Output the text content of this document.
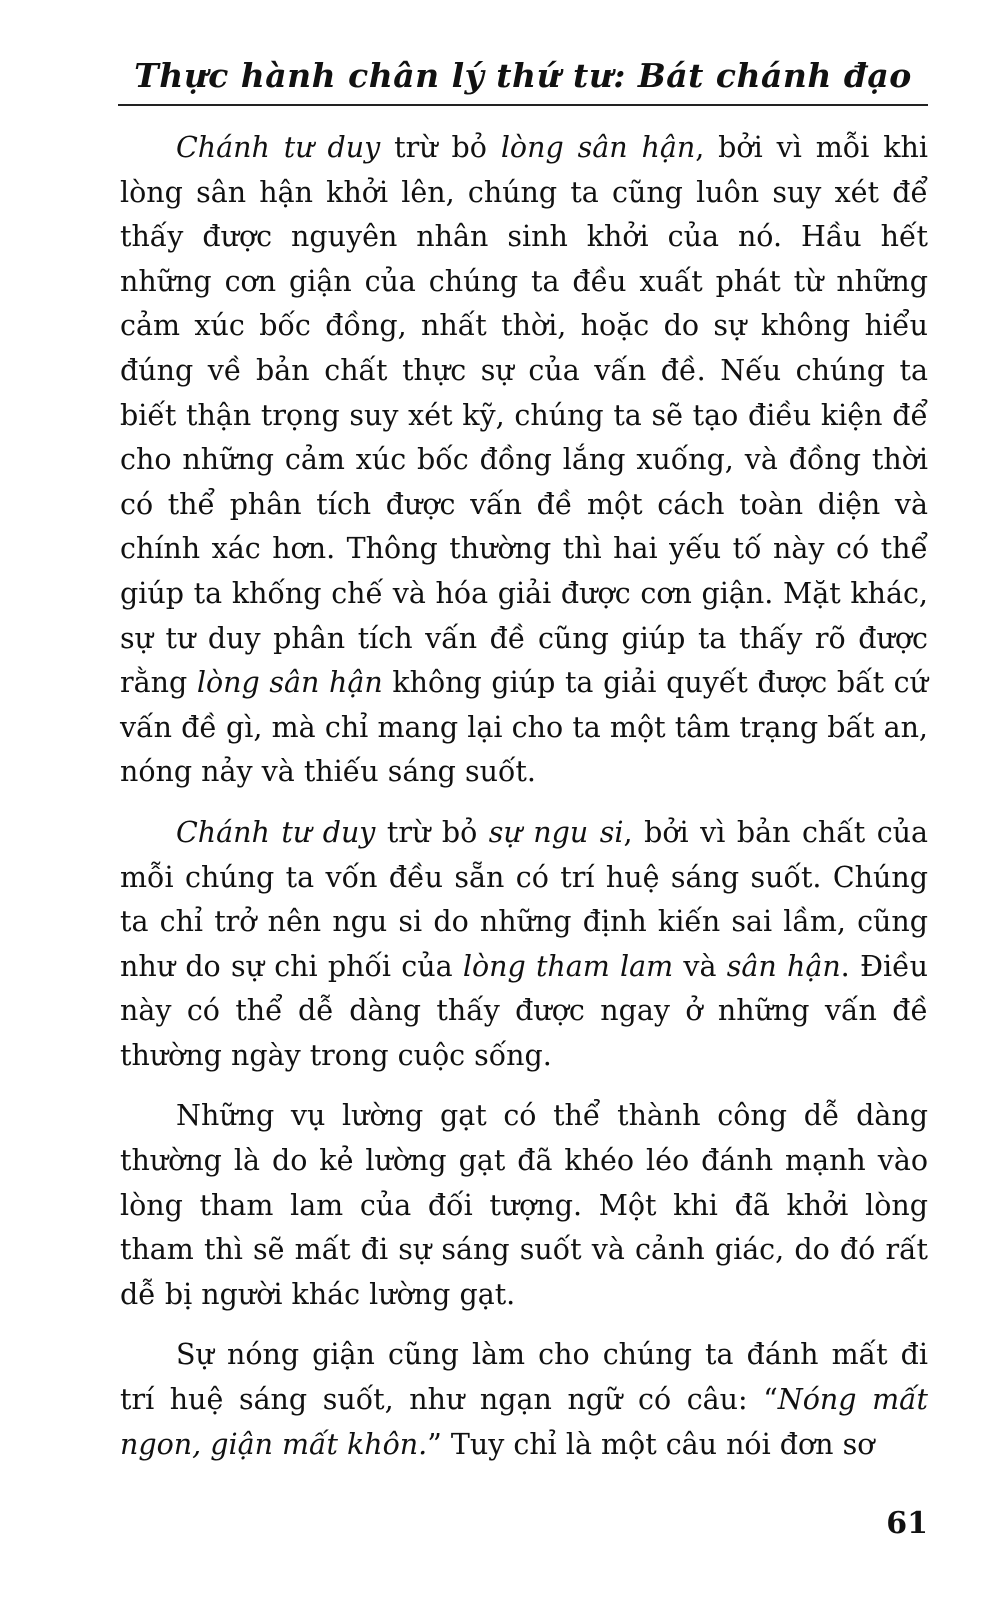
Thực hành chân lý thứ tư: Bát chánh đạo

Chánh tư duy trừ bỏ lòng sân hận, bởi vì mỗi khi lòng sân hận khởi lên, chúng ta cũng luôn suy xét để thấy được nguyên nhân sinh khởi của nó. Hầu hết những cơn giận của chúng ta đều xuất phát từ những cảm xúc bốc đồng, nhất thời, hoặc do sự không hiểu đúng về bản chất thực sự của vấn đề. Nếu chúng ta biết thận trọng suy xét kỹ, chúng ta sẽ tạo điều kiện để cho những cảm xúc bốc đồng lắng xuống, và đồng thời có thể phân tích được vấn đề một cách toàn diện và chính xác hơn. Thông thường thì hai yếu tố này có thể giúp ta khống chế và hóa giải được cơn giận. Mặt khác, sự tư duy phân tích vấn đề cũng giúp ta thấy rõ được rằng lòng sân hận không giúp ta giải quyết được bất cứ vấn đề gì, mà chỉ mang lại cho ta một tâm trạng bất an, nóng nảy và thiếu sáng suốt.

Chánh tư duy trừ bỏ sự ngu si, bởi vì bản chất của mỗi chúng ta vốn đều sẵn có trí huệ sáng suốt. Chúng ta chỉ trở nên ngu si do những định kiến sai lầm, cũng như do sự chi phối của lòng tham lam và sân hận. Điều này có thể dễ dàng thấy được ngay ở những vấn đề thường ngày trong cuộc sống.

Những vụ lường gạt có thể thành công dễ dàng thường là do kẻ lường gạt đã khéo léo đánh mạnh vào lòng tham lam của đối tượng. Một khi đã khởi lòng tham thì sẽ mất đi sự sáng suốt và cảnh giác, do đó rất dễ bị người khác lường gạt.

Sự nóng giận cũng làm cho chúng ta đánh mất đi trí huệ sáng suốt, như ngạn ngữ có câu: “Nóng mất ngon, giận mất khôn.” Tuy chỉ là một câu nói đơn sơ

61
